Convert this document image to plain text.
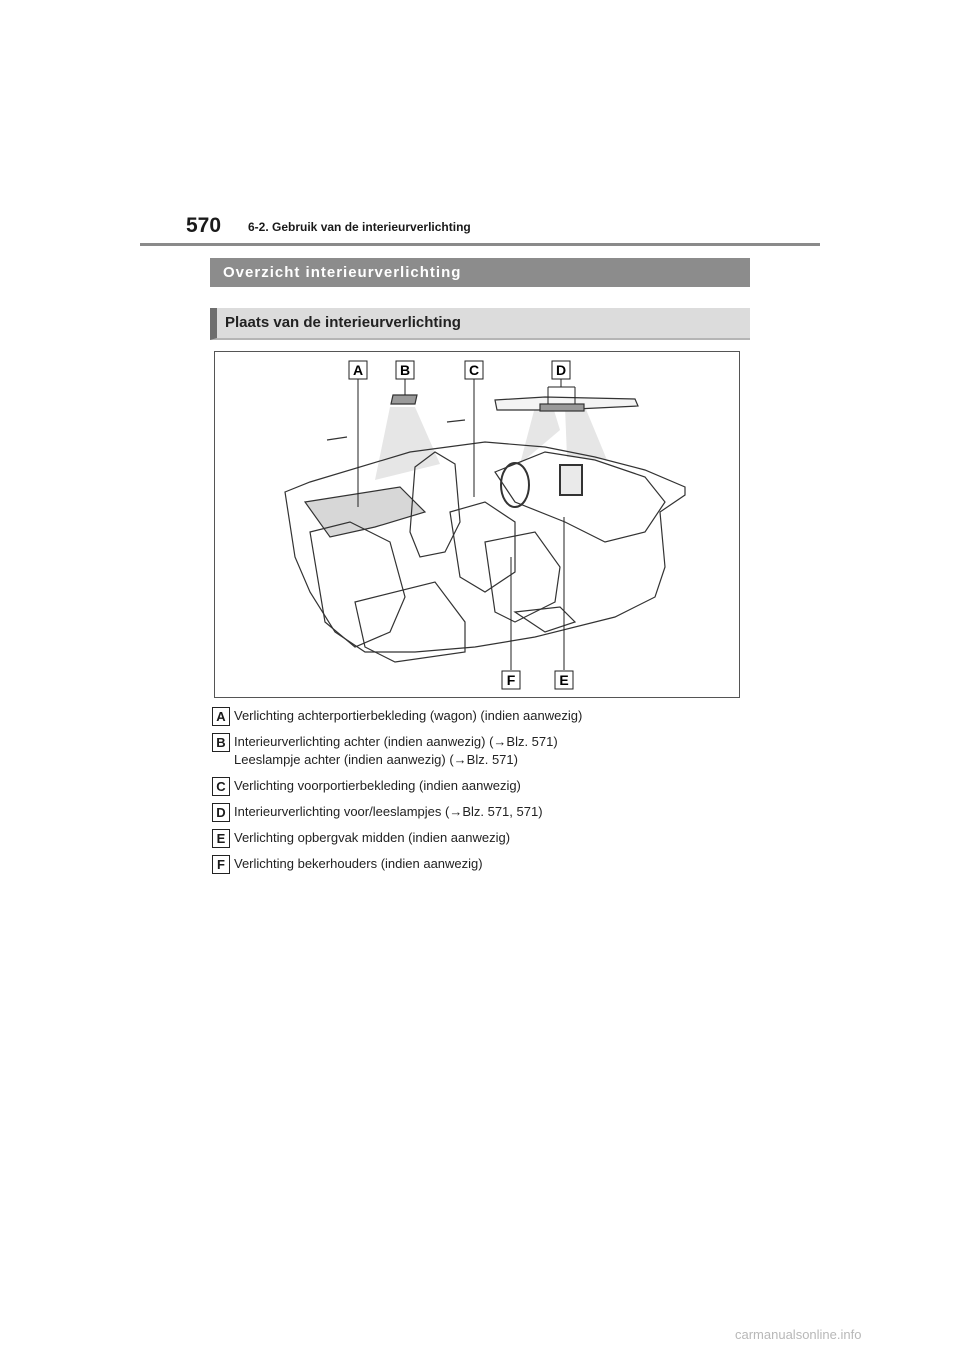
570 6-2. Gebruik van de interieurverlichting
Overzicht interieurverlichting
Plaats van de interieurverlichting
A	B	C	D
E
F
A Verlichting achterportierbekleding (wagon) (indien aanwezig)
B Interieurverlichting achter (indien aanwezig) (→Blz. 571)
Leeslampje achter (indien aanwezig) (→Blz. 571)
C Verlichting voorportierbekleding (indien aanwezig)
D Interieurverlichting voor/leeslampjes (→Blz. 571, 571)
E Verlichting opbergvak midden (indien aanwezig)
F Verlichting bekerhouders (indien aanwezig)
carmanualsonline.info
